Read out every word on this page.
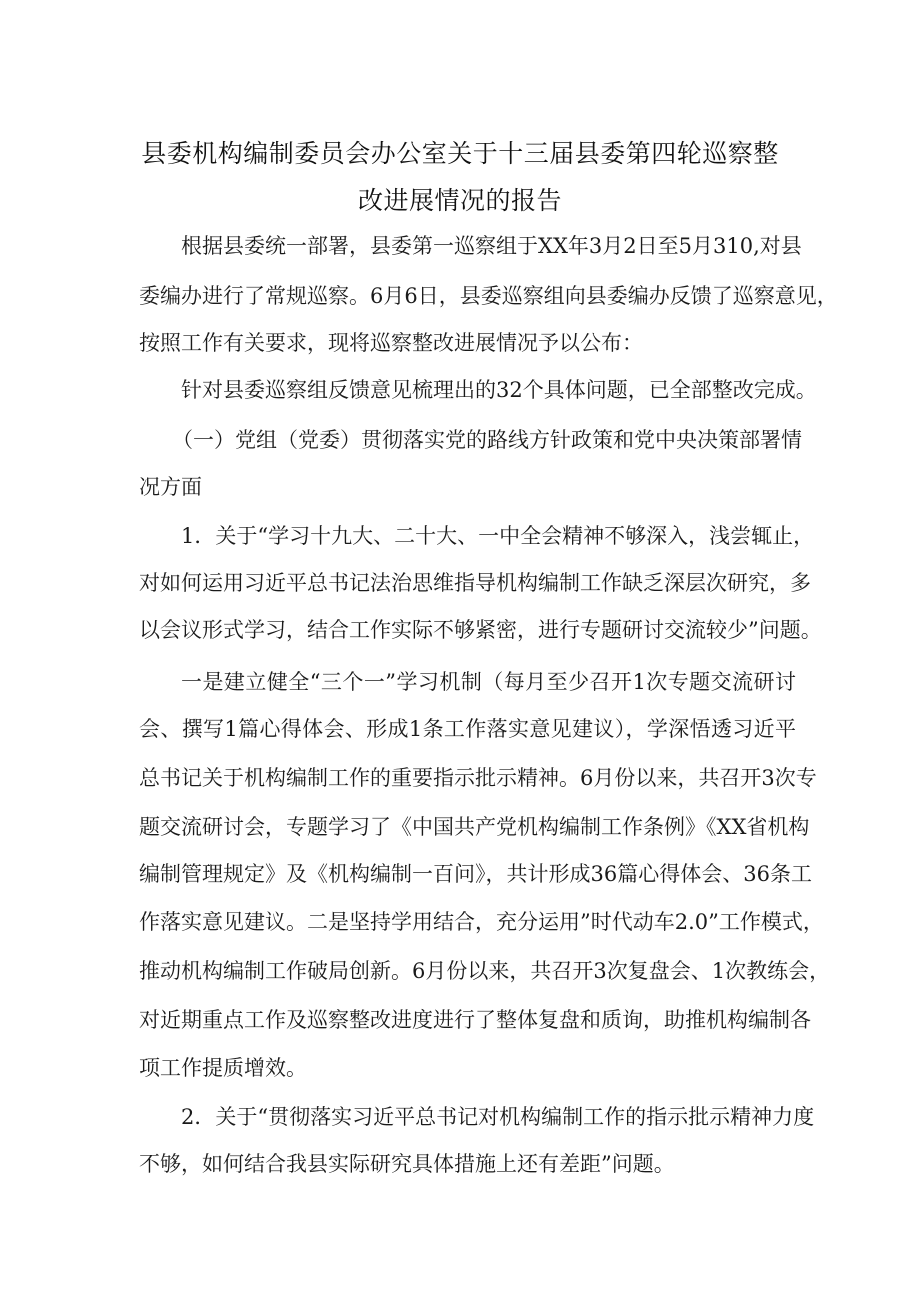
县委机构编制委员会办公室关于十三届县委第四轮巡察整
改进展情况的报告
根据县委统一部署，县委第一巡察组于XX年3月2日至5月310,对县
委编办进行了常规巡察。6月6日，县委巡察组向县委编办反馈了巡察意见，
按照工作有关要求，现将巡察整改进展情况予以公布：
针对县委巡察组反馈意见梳理出的32个具体问题，已全部整改完成。
（一）党组（党委）贯彻落实党的路线方针政策和党中央决策部署情
况方面
1．关于“学习十九大、二十大、一中全会精神不够深入，浅尝辄止，
对如何运用习近平总书记法治思维指导机构编制工作缺乏深层次研究，多
以会议形式学习，结合工作实际不够紧密，进行专题研讨交流较少”问题。
一是建立健全“三个一”学习机制（每月至少召开1次专题交流研讨
会、撰写1篇心得体会、形成1条工作落实意见建议），学深悟透习近平
总书记关于机构编制工作的重要指示批示精神。6月份以来，共召开3次专
题交流研讨会，专题学习了《中国共产党机构编制工作条例》《XX省机构
编制管理规定》及《机构编制一百问》，共计形成36篇心得体会、36条工
作落实意见建议。二是坚持学用结合，充分运用”时代动车2.0”工作模式，
推动机构编制工作破局创新。6月份以来，共召开3次复盘会、1次教练会，
对近期重点工作及巡察整改进度进行了整体复盘和质询，助推机构编制各
项工作提质增效。
2．关于“贯彻落实习近平总书记对机构编制工作的指示批示精神力度
不够，如何结合我县实际研究具体措施上还有差距”问题。
